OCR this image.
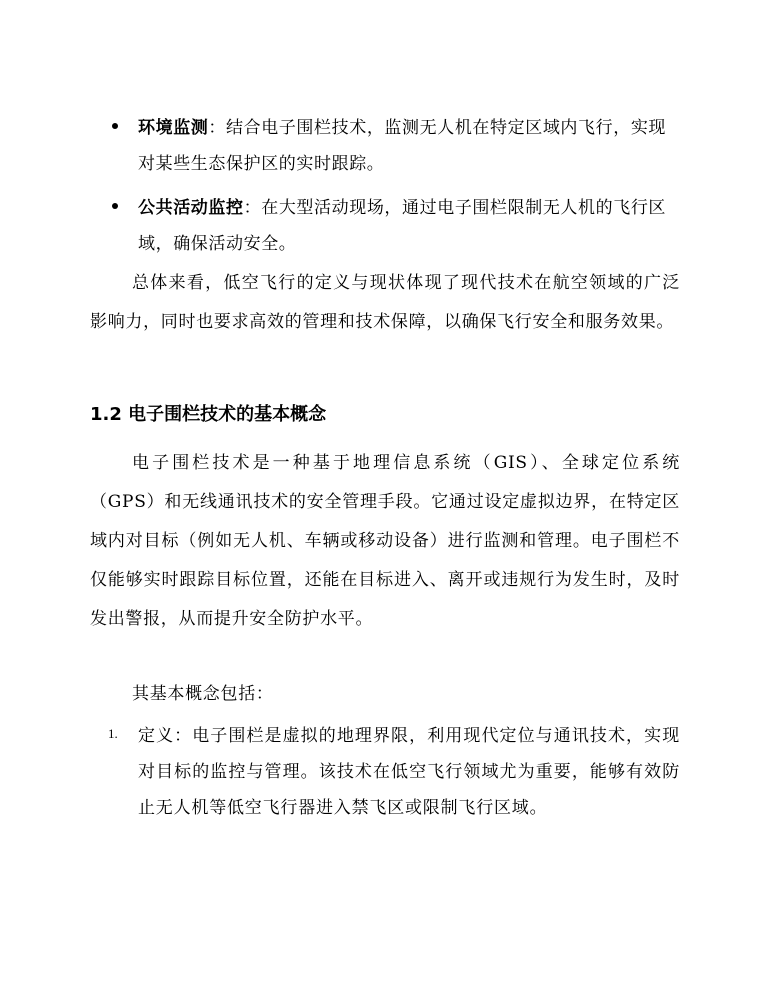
环境监测：结合电子围栏技术，监测无人机在特定区域内飞行，实现对某些生态保护区的实时跟踪。

公共活动监控：在大型活动现场，通过电子围栏限制无人机的飞行区域，确保活动安全。

总体来看，低空飞行的定义与现状体现了现代技术在航空领域的广泛影响力，同时也要求高效的管理和技术保障，以确保飞行安全和服务效果。

1.2 电子围栏技术的基本概念

电子围栏技术是一种基于地理信息系统（GIS）、全球定位系统（GPS）和无线通讯技术的安全管理手段。它通过设定虚拟边界，在特定区域内对目标（例如无人机、车辆或移动设备）进行监测和管理。电子围栏不仅能够实时跟踪目标位置，还能在目标进入、离开或违规行为发生时，及时发出警报，从而提升安全防护水平。

其基本概念包括：

1.	定义：电子围栏是虚拟的地理界限，利用现代定位与通讯技术，实现对目标的监控与管理。该技术在低空飞行领域尤为重要，能够有效防止无人机等低空飞行器进入禁飞区或限制飞行区域。
